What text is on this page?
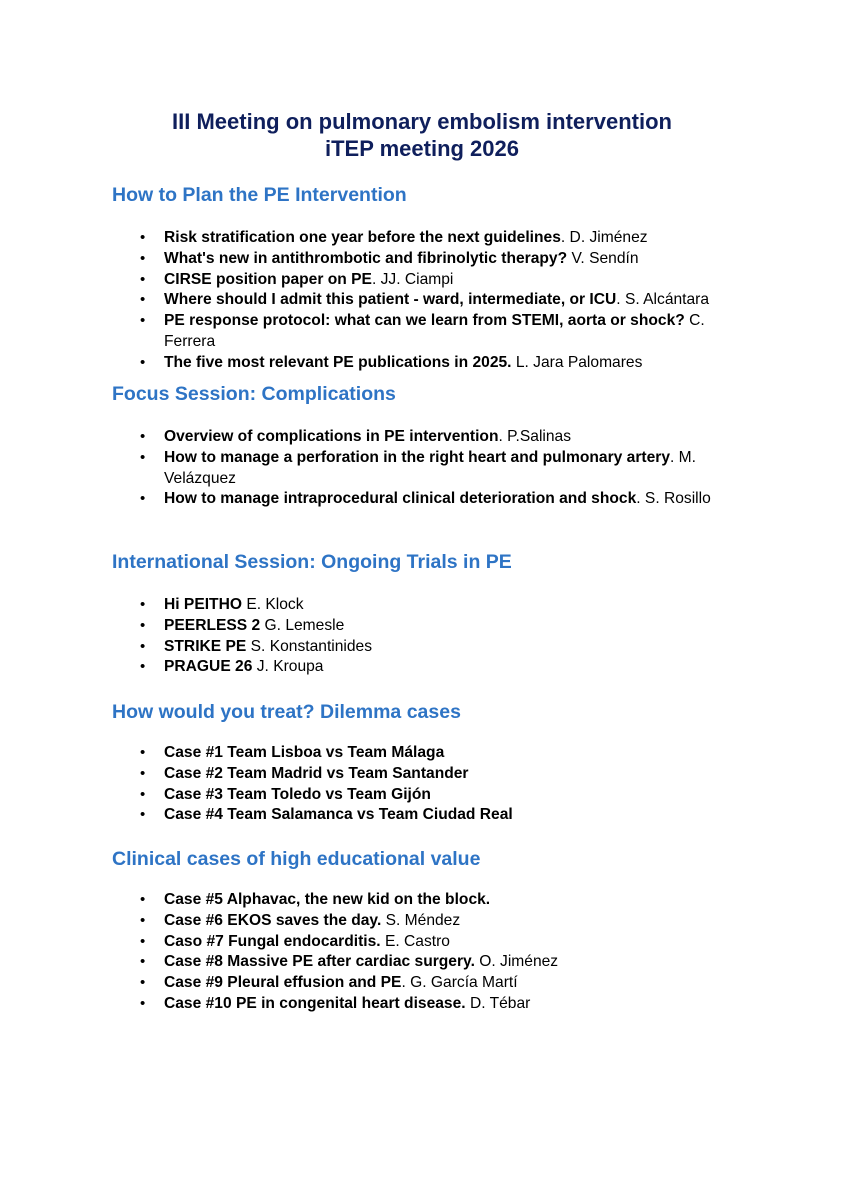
III Meeting on pulmonary embolism intervention
iTEP meeting 2026
How to Plan the PE Intervention
• Risk stratification one year before the next guidelines. D. Jiménez
• What's new in antithrombotic and fibrinolytic therapy? V. Sendín
• CIRSE position paper on PE. JJ. Ciampi
• Where should I admit this patient - ward, intermediate, or ICU. S. Alcántara
• PE response protocol: what can we learn from STEMI, aorta or shock? C. Ferrera
• The five most relevant PE publications in 2025. L. Jara Palomares
Focus Session: Complications
• Overview of complications in PE intervention. P.Salinas
• How to manage a perforation in the right heart and pulmonary artery. M. Velázquez
• How to manage intraprocedural clinical deterioration and shock. S. Rosillo
International Session: Ongoing Trials in PE
• Hi PEITHO E. Klock
• PEERLESS 2 G. Lemesle
• STRIKE PE S. Konstantinides
• PRAGUE 26 J. Kroupa
How would you treat? Dilemma cases
• Case #1 Team Lisboa vs Team Málaga
• Case #2 Team Madrid vs Team Santander
• Case #3 Team Toledo vs Team Gijón
• Case #4 Team Salamanca vs Team Ciudad Real
Clinical cases of high educational value
• Case #5 Alphavac, the new kid on the block.
• Case #6 EKOS saves the day. S. Méndez
• Caso #7 Fungal endocarditis. E. Castro
• Case #8 Massive PE after cardiac surgery. O. Jiménez
• Case #9 Pleural effusion and PE. G. García Martí
• Case #10 PE in congenital heart disease. D. Tébar
